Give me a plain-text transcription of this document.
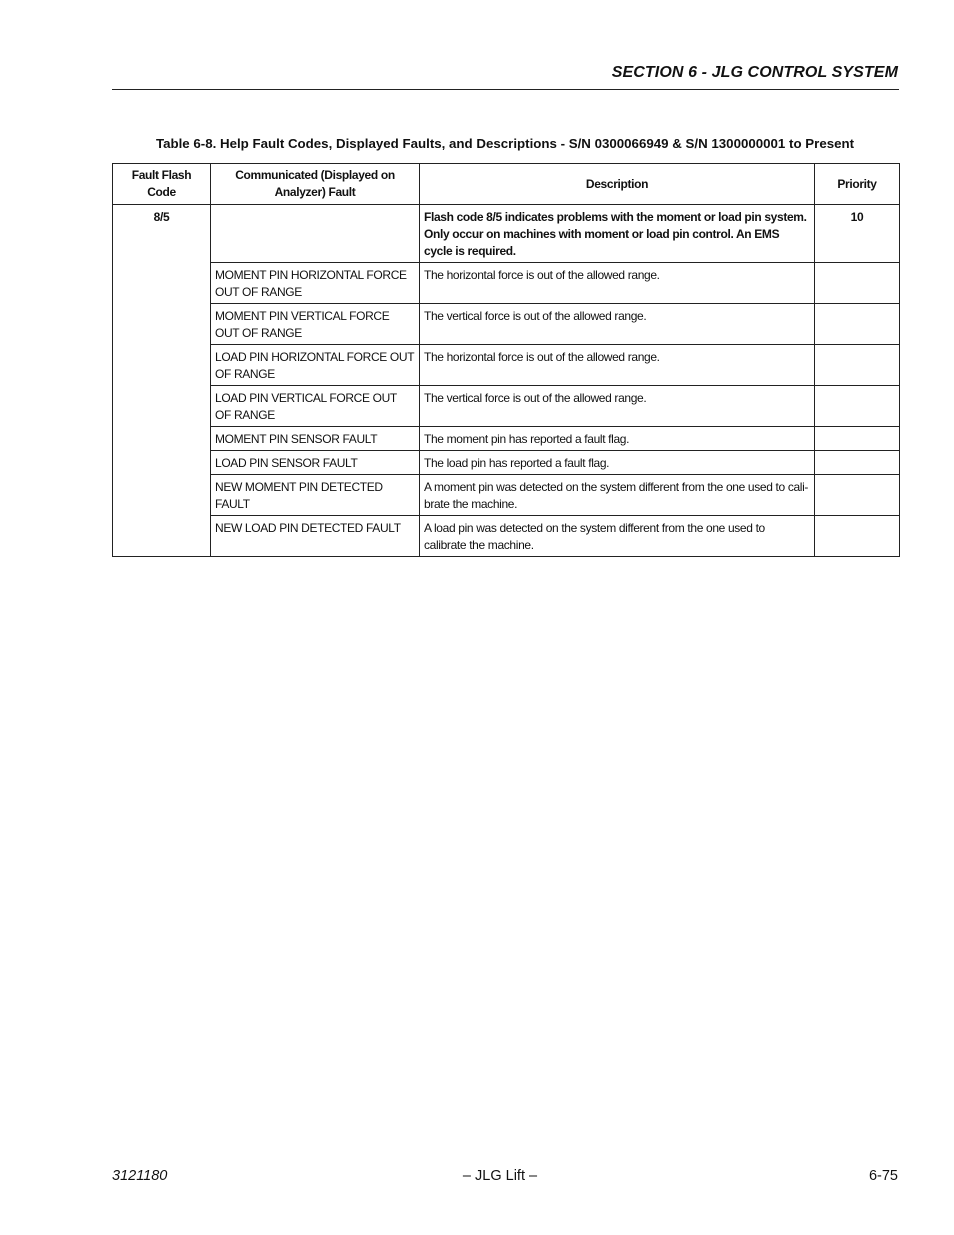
SECTION 6 - JLG CONTROL SYSTEM
Table 6-8. Help Fault Codes, Displayed Faults, and Descriptions - S/N 0300066949 & S/N 1300000001 to Present
Fault Flash Code	Communicated (Displayed on Analyzer) Fault	Description	Priority
8/5		Flash code 8/5 indicates problems with the moment or load pin system. Only occur on machines with moment or load pin control. An EMS cycle is required.	10
	MOMENT PIN HORIZONTAL FORCE OUT OF RANGE	The horizontal force is out of the allowed range.	
	MOMENT PIN VERTICAL FORCE OUT OF RANGE	The vertical force is out of the allowed range.	
	LOAD PIN HORIZONTAL FORCE OUT OF RANGE	The horizontal force is out of the allowed range.	
	LOAD PIN VERTICAL FORCE OUT OF RANGE	The vertical force is out of the allowed range.	
	MOMENT PIN SENSOR FAULT	The moment pin has reported a fault flag.	
	LOAD PIN SENSOR FAULT	The load pin has reported a fault flag.	
	NEW MOMENT PIN DETECTED FAULT	A moment pin was detected on the system different from the one used to cali-brate the machine.	
	NEW LOAD PIN DETECTED FAULT	A load pin was detected on the system different from the one used to calibrate the machine.	
3121180	– JLG Lift –	6-75
